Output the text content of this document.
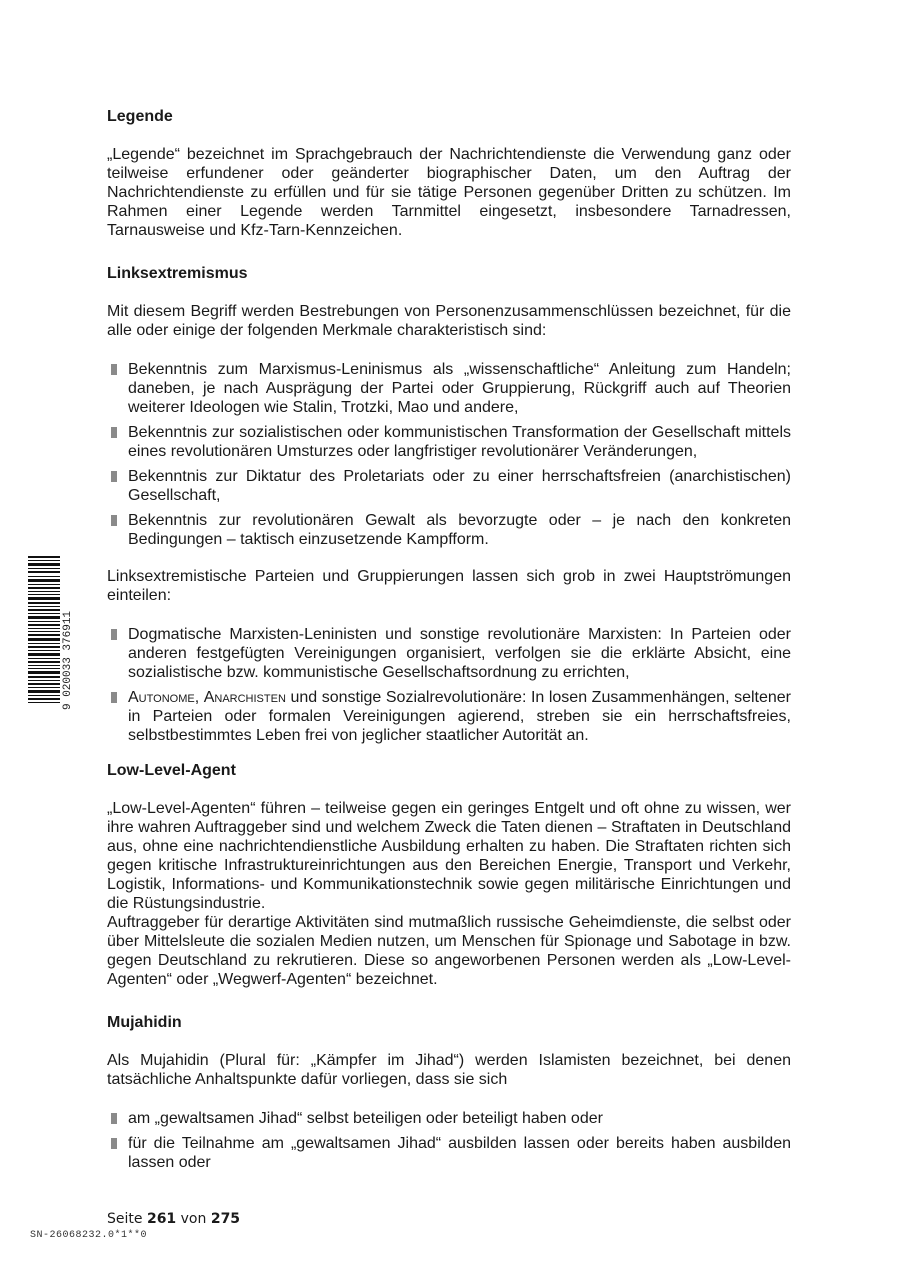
Legende

„Legende“ bezeichnet im Sprachgebrauch der Nachrichtendienste die Verwendung ganz oder teilweise erfundener oder geänderter biographischer Daten, um den Auftrag der Nachrichtendienste zu erfüllen und für sie tätige Personen gegenüber Dritten zu schützen. Im Rahmen einer Legende werden Tarnmittel eingesetzt, insbesondere Tarnadressen, Tarnausweise und Kfz-Tarn-Kennzeichen.

Linksextremismus

Mit diesem Begriff werden Bestrebungen von Personenzusammenschlüssen bezeichnet, für die alle oder einige der folgenden Merkmale charakteristisch sind:

Bekenntnis zum Marxismus-Leninismus als „wissenschaftliche“ Anleitung zum Handeln; daneben, je nach Ausprägung der Partei oder Gruppierung, Rückgriff auch auf Theorien weiterer Ideologen wie Stalin, Trotzki, Mao und andere,
Bekenntnis zur sozialistischen oder kommunistischen Transformation der Gesellschaft mittels eines revolutionären Umsturzes oder langfristiger revolutionärer Veränderungen,
Bekenntnis zur Diktatur des Proletariats oder zu einer herrschaftsfreien (anarchistischen) Gesellschaft,
Bekenntnis zur revolutionären Gewalt als bevorzugte oder – je nach den konkreten Bedingungen – taktisch einzusetzende Kampfform.

Linksextremistische Parteien und Gruppierungen lassen sich grob in zwei Hauptströmungen einteilen:

Dogmatische Marxisten-Leninisten und sonstige revolutionäre Marxisten: In Parteien oder anderen festgefügten Vereinigungen organisiert, verfolgen sie die erklärte Absicht, eine sozialistische bzw. kommunistische Gesellschaftsordnung zu errichten,
Autonome, Anarchisten und sonstige Sozialrevolutionäre: In losen Zusammenhängen, seltener in Parteien oder formalen Vereinigungen agierend, streben sie ein herrschaftsfreies, selbstbestimmtes Leben frei von jeglicher staatlicher Autorität an.
Low-Level-Agent

„Low-Level-Agenten“ führen – teilweise gegen ein geringes Entgelt und oft ohne zu wissen, wer ihre wahren Auftraggeber sind und welchem Zweck die Taten dienen – Straftaten in Deutschland aus, ohne eine nachrichtendienstliche Ausbildung erhalten zu haben. Die Straftaten richten sich gegen kritische Infrastruktureinrichtungen aus den Bereichen Energie, Transport und Verkehr, Logistik, Informations- und Kommunikationstechnik sowie gegen militärische Einrichtungen und die Rüstungsindustrie.

Auftraggeber für derartige Aktivitäten sind mutmaßlich russische Geheimdienste, die selbst oder über Mittelsleute die sozialen Medien nutzen, um Menschen für Spionage und Sabotage in bzw. gegen Deutschland zu rekrutieren. Diese so angeworbenen Personen werden als „Low-Level-Agenten“ oder „Wegwerf-Agenten“ bezeichnet.

Mujahidin

Als Mujahidin (Plural für: „Kämpfer im Jihad“) werden Islamisten bezeichnet, bei denen tatsächliche Anhaltspunkte dafür vorliegen, dass sie sich

am „gewaltsamen Jihad“ selbst beteiligen oder beteiligt haben oder
für die Teilnahme am „gewaltsamen Jihad“ ausbilden lassen oder bereits haben ausbilden lassen oder
9 020033 376911
Seite 261 von 275
SN-26068232.0*1**0
